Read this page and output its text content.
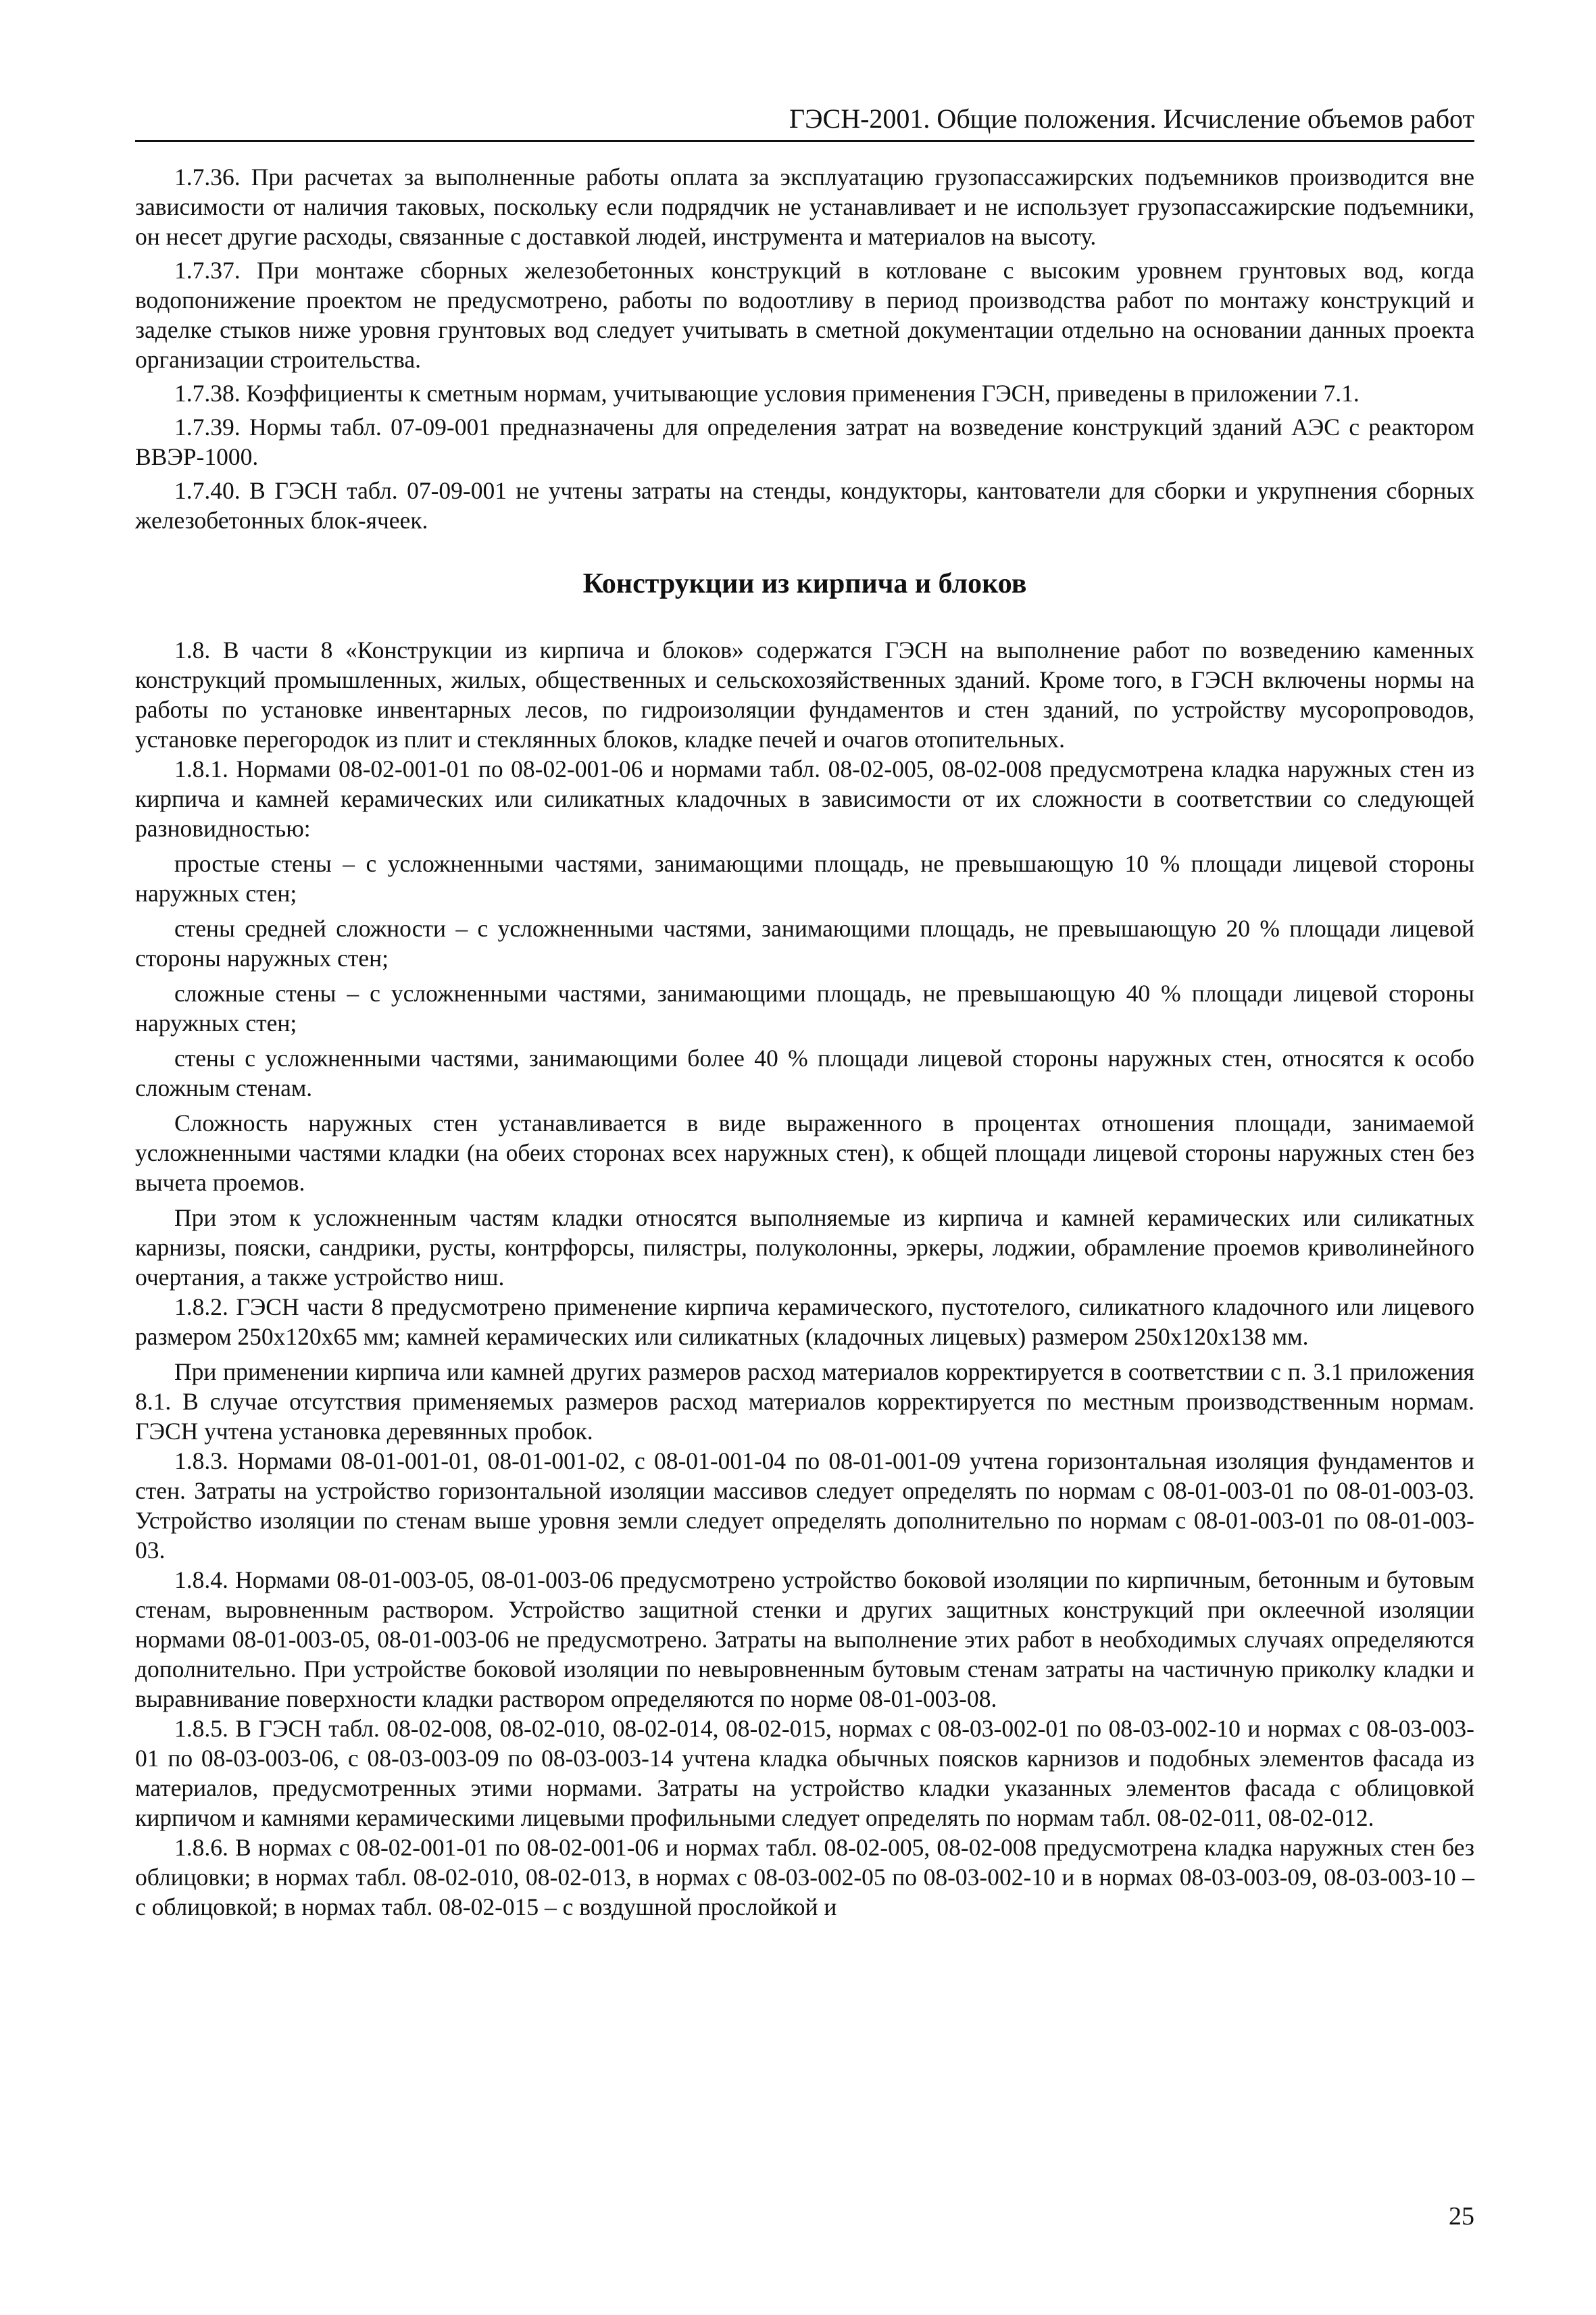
ГЭСН-2001. Общие положения. Исчисление объемов работ

1.7.36. При расчетах за выполненные работы оплата за эксплуатацию грузопассажирских подъемников производится вне зависимости от наличия таковых, поскольку если подрядчик не устанавливает и не использует грузопассажирские подъемники, он несет другие расходы, связанные с доставкой людей, инструмента и материалов на высоту.

1.7.37. При монтаже сборных железобетонных конструкций в котловане с высоким уровнем грунтовых вод, когда водопонижение проектом не предусмотрено, работы по водоотливу в период производства работ по монтажу конструкций и заделке стыков ниже уровня грунтовых вод следует учитывать в сметной документации отдельно на основании данных проекта организации строительства.

1.7.38. Коэффициенты к сметным нормам, учитывающие условия применения ГЭСН, приведены в приложении 7.1.

1.7.39. Нормы табл. 07-09-001 предназначены для определения затрат на возведение конструкций зданий АЭС с реактором ВВЭР-1000.

1.7.40. В ГЭСН табл. 07-09-001 не учтены затраты на стенды, кондукторы, кантователи для сборки и укрупнения сборных железобетонных блок-ячеек.

Конструкции из кирпича и блоков

1.8. В части 8 «Конструкции из кирпича и блоков» содержатся ГЭСН на выполнение работ по возведению каменных конструкций промышленных, жилых, общественных и сельскохозяйственных зданий. Кроме того, в ГЭСН включены нормы на работы по установке инвентарных лесов, по гидроизоляции фундаментов и стен зданий, по устройству мусоропроводов, установке перегородок из плит и стеклянных блоков, кладке печей и очагов отопительных.

1.8.1. Нормами 08-02-001-01 по 08-02-001-06 и нормами табл. 08-02-005, 08-02-008 предусмотрена кладка наружных стен из кирпича и камней керамических или силикатных кладочных в зависимости от их сложности в соответствии со следующей разновидностью:

простые стены – с усложненными частями, занимающими площадь, не превышающую 10 % площади лицевой стороны наружных стен;

стены средней сложности – с усложненными частями, занимающими площадь, не превышающую 20 % площади лицевой стороны наружных стен;

сложные стены – с усложненными частями, занимающими площадь, не превышающую 40 % площади лицевой стороны наружных стен;

стены с усложненными частями, занимающими более 40 % площади лицевой стороны наружных стен, относятся к особо сложным стенам.

Сложность наружных стен устанавливается в виде выраженного в процентах отношения площади, занимаемой усложненными частями кладки (на обеих сторонах всех наружных стен), к общей площади лицевой стороны наружных стен без вычета проемов.

При этом к усложненным частям кладки относятся выполняемые из кирпича и камней керамических или силикатных карнизы, пояски, сандрики, русты, контрфорсы, пилястры, полуколонны, эркеры, лоджии, обрамление проемов криволинейного очертания, а также устройство ниш.

1.8.2. ГЭСН части 8 предусмотрено применение кирпича керамического, пустотелого, силикатного кладочного или лицевого размером 250x120x65 мм; камней керамических или силикатных (кладочных лицевых) размером 250x120x138 мм.

При применении кирпича или камней других размеров расход материалов корректируется в соответствии с п. 3.1 приложения 8.1. В случае отсутствия применяемых размеров расход материалов корректируется по местным производственным нормам. ГЭСН учтена установка деревянных пробок.

1.8.3. Нормами 08-01-001-01, 08-01-001-02, с 08-01-001-04 по 08-01-001-09 учтена горизонтальная изоляция фундаментов и стен. Затраты на устройство горизонтальной изоляции массивов следует определять по нормам с 08-01-003-01 по 08-01-003-03. Устройство изоляции по стенам выше уровня земли следует определять дополнительно по нормам с 08-01-003-01 по 08-01-003-03.

1.8.4. Нормами 08-01-003-05, 08-01-003-06 предусмотрено устройство боковой изоляции по кирпичным, бетонным и бутовым стенам, выровненным раствором. Устройство защитной стенки и других защитных конструкций при оклеечной изоляции нормами 08-01-003-05, 08-01-003-06 не предусмотрено. Затраты на выполнение этих работ в необходимых случаях определяются дополнительно. При устройстве боковой изоляции по невыровненным бутовым стенам затраты на частичную приколку кладки и выравнивание поверхности кладки раствором определяются по норме 08-01-003-08.

1.8.5. В ГЭСН табл. 08-02-008, 08-02-010, 08-02-014, 08-02-015, нормах с 08-03-002-01 по 08-03-002-10 и нормах с 08-03-003-01 по 08-03-003-06, с 08-03-003-09 по 08-03-003-14 учтена кладка обычных поясков карнизов и подобных элементов фасада из материалов, предусмотренных этими нормами. Затраты на устройство кладки указанных элементов фасада с облицовкой кирпичом и камнями керамическими лицевыми профильными следует определять по нормам табл. 08-02-011, 08-02-012.

1.8.6. В нормах с 08-02-001-01 по 08-02-001-06 и нормах табл. 08-02-005, 08-02-008 предусмотрена кладка наружных стен без облицовки; в нормах табл. 08-02-010, 08-02-013, в нормах с 08-03-002-05 по 08-03-002-10 и в нормах 08-03-003-09, 08-03-003-10 – с облицовкой; в нормах табл. 08-02-015 – с воздушной прослойкой и

25
